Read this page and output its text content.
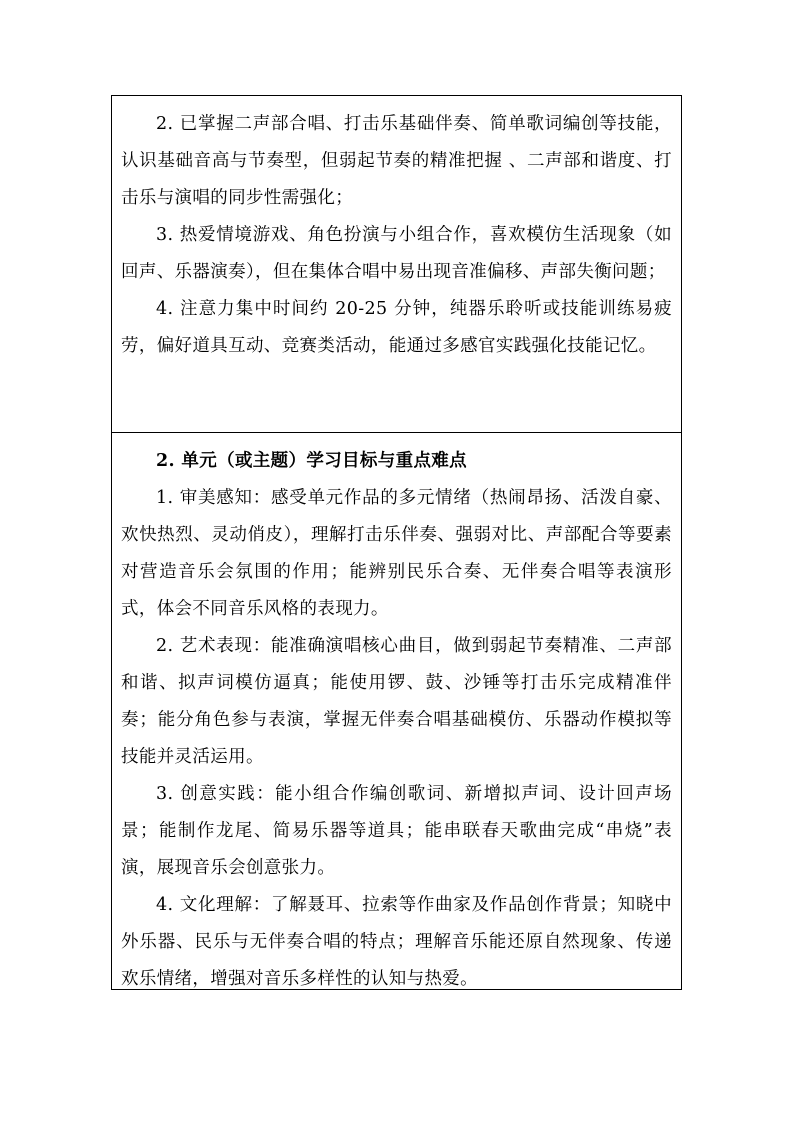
2. 已掌握二声部合唱、打击乐基础伴奏、简单歌词编创等技能，认识基础音高与节奏型，但弱起节奏的精准把握 、二声部和谐度、打击乐与演唱的同步性需强化；

3. 热爱情境游戏、角色扮演与小组合作，喜欢模仿生活现象（如回声、乐器演奏），但在集体合唱中易出现音准偏移、声部失衡问题；

4. 注意力集中时间约 20-25 分钟，纯器乐聆听或技能训练易疲劳，偏好道具互动、竞赛类活动，能通过多感官实践强化技能记忆。

2. 单元（或主题）学习目标与重点难点

1. 审美感知：感受单元作品的多元情绪（热闹昂扬、活泼自豪、欢快热烈、灵动俏皮），理解打击乐伴奏、强弱对比、声部配合等要素对营造音乐会氛围的作用；能辨别民乐合奏、无伴奏合唱等表演形式，体会不同音乐风格的表现力。

2. 艺术表现：能准确演唱核心曲目，做到弱起节奏精准、二声部和谐、拟声词模仿逼真；能使用锣、鼓、沙锤等打击乐完成精准伴奏；能分角色参与表演，掌握无伴奏合唱基础模仿、乐器动作模拟等技能并灵活运用。

3. 创意实践：能小组合作编创歌词、新增拟声词、设计回声场景；能制作龙尾、简易乐器等道具；能串联春天歌曲完成“串烧”表演，展现音乐会创意张力。

4. 文化理解：了解聂耳、拉索等作曲家及作品创作背景；知晓中外乐器、民乐与无伴奏合唱的特点；理解音乐能还原自然现象、传递欢乐情绪，增强对音乐多样性的认知与热爱。
